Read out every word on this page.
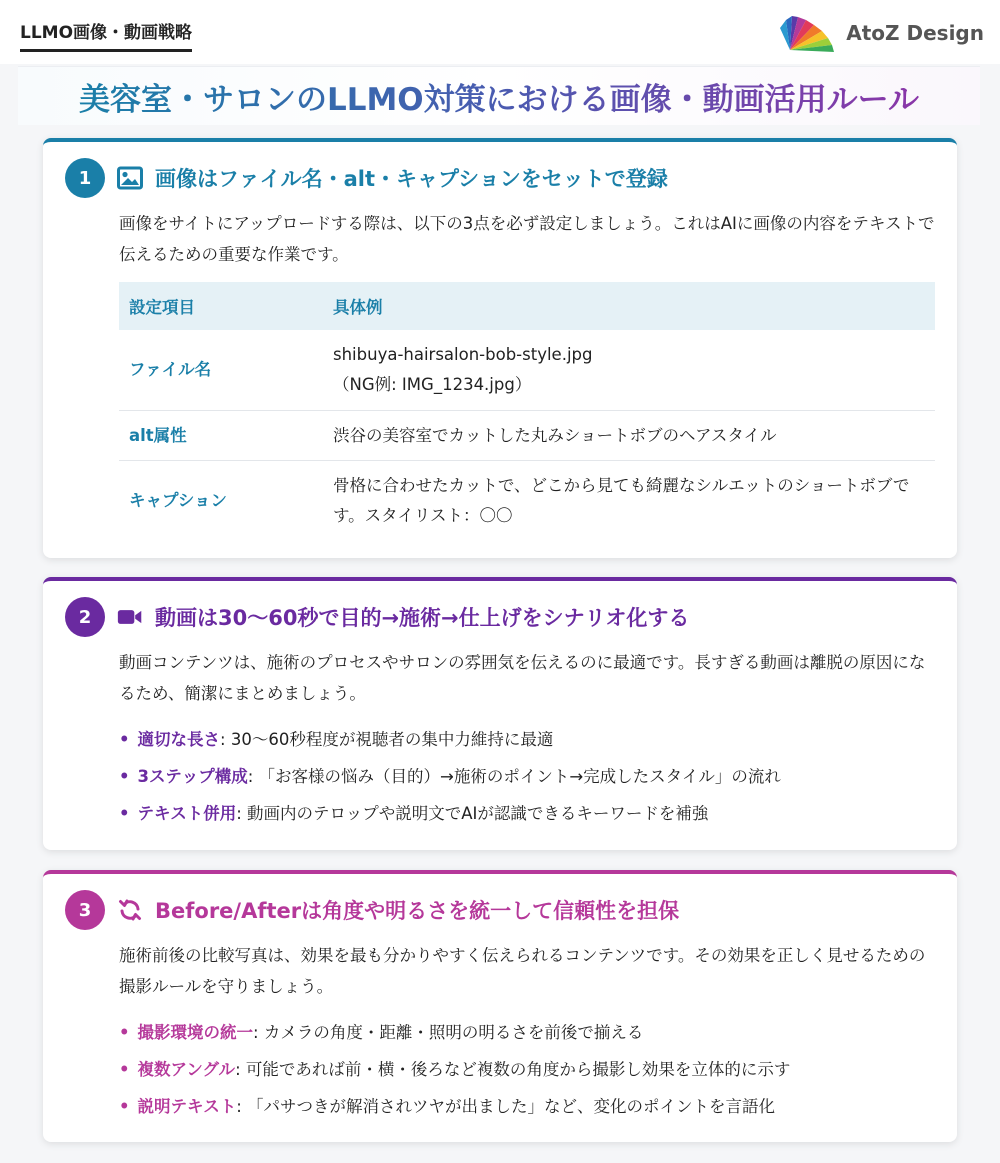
LLMO画像・動画戦略	AtoZ Design
美容室・サロンのLLMO対策における画像・動画活用ルール
1	画像はファイル名・alt・キャプションをセットで登録
画像をサイトにアップロードする際は、以下の3点を必ず設定しましょう。これはAIに画像の内容をテキストで伝えるための重要な作業です。
設定項目	具体例
ファイル名	shibuya-hairsalon-bob-style.jpg
（NG例: IMG_1234.jpg）

alt属性	渋谷の美容室でカットした丸みショートボブのヘアスタイル
キャプション	骨格に合わせたカットで、どこから見ても綺麗なシルエットのショートボブです。スタイリスト：〇〇
2	動画は30〜60秒で目的→施術→仕上げをシナリオ化する
動画コンテンツは、施術のプロセスやサロンの雰囲気を伝えるのに最適です。長すぎる動画は離脱の原因になるため、簡潔にまとめましょう。
• 適切な長さ: 30〜60秒程度が視聴者の集中力維持に最適
• 3ステップ構成: 「お客様の悩み（目的）→施術のポイント→完成したスタイル」の流れ
• テキスト併用: 動画内のテロップや説明文でAIが認識できるキーワードを補強
3	Before/Afterは角度や明るさを統一して信頼性を担保
施術前後の比較写真は、効果を最も分かりやすく伝えられるコンテンツです。その効果を正しく見せるための撮影ルールを守りましょう。
• 撮影環境の統一: カメラの角度・距離・照明の明るさを前後で揃える
• 複数アングル: 可能であれば前・横・後ろなど複数の角度から撮影し効果を立体的に示す
• 説明テキスト: 「パサつきが解消されツヤが出ました」など、変化のポイントを言語化
